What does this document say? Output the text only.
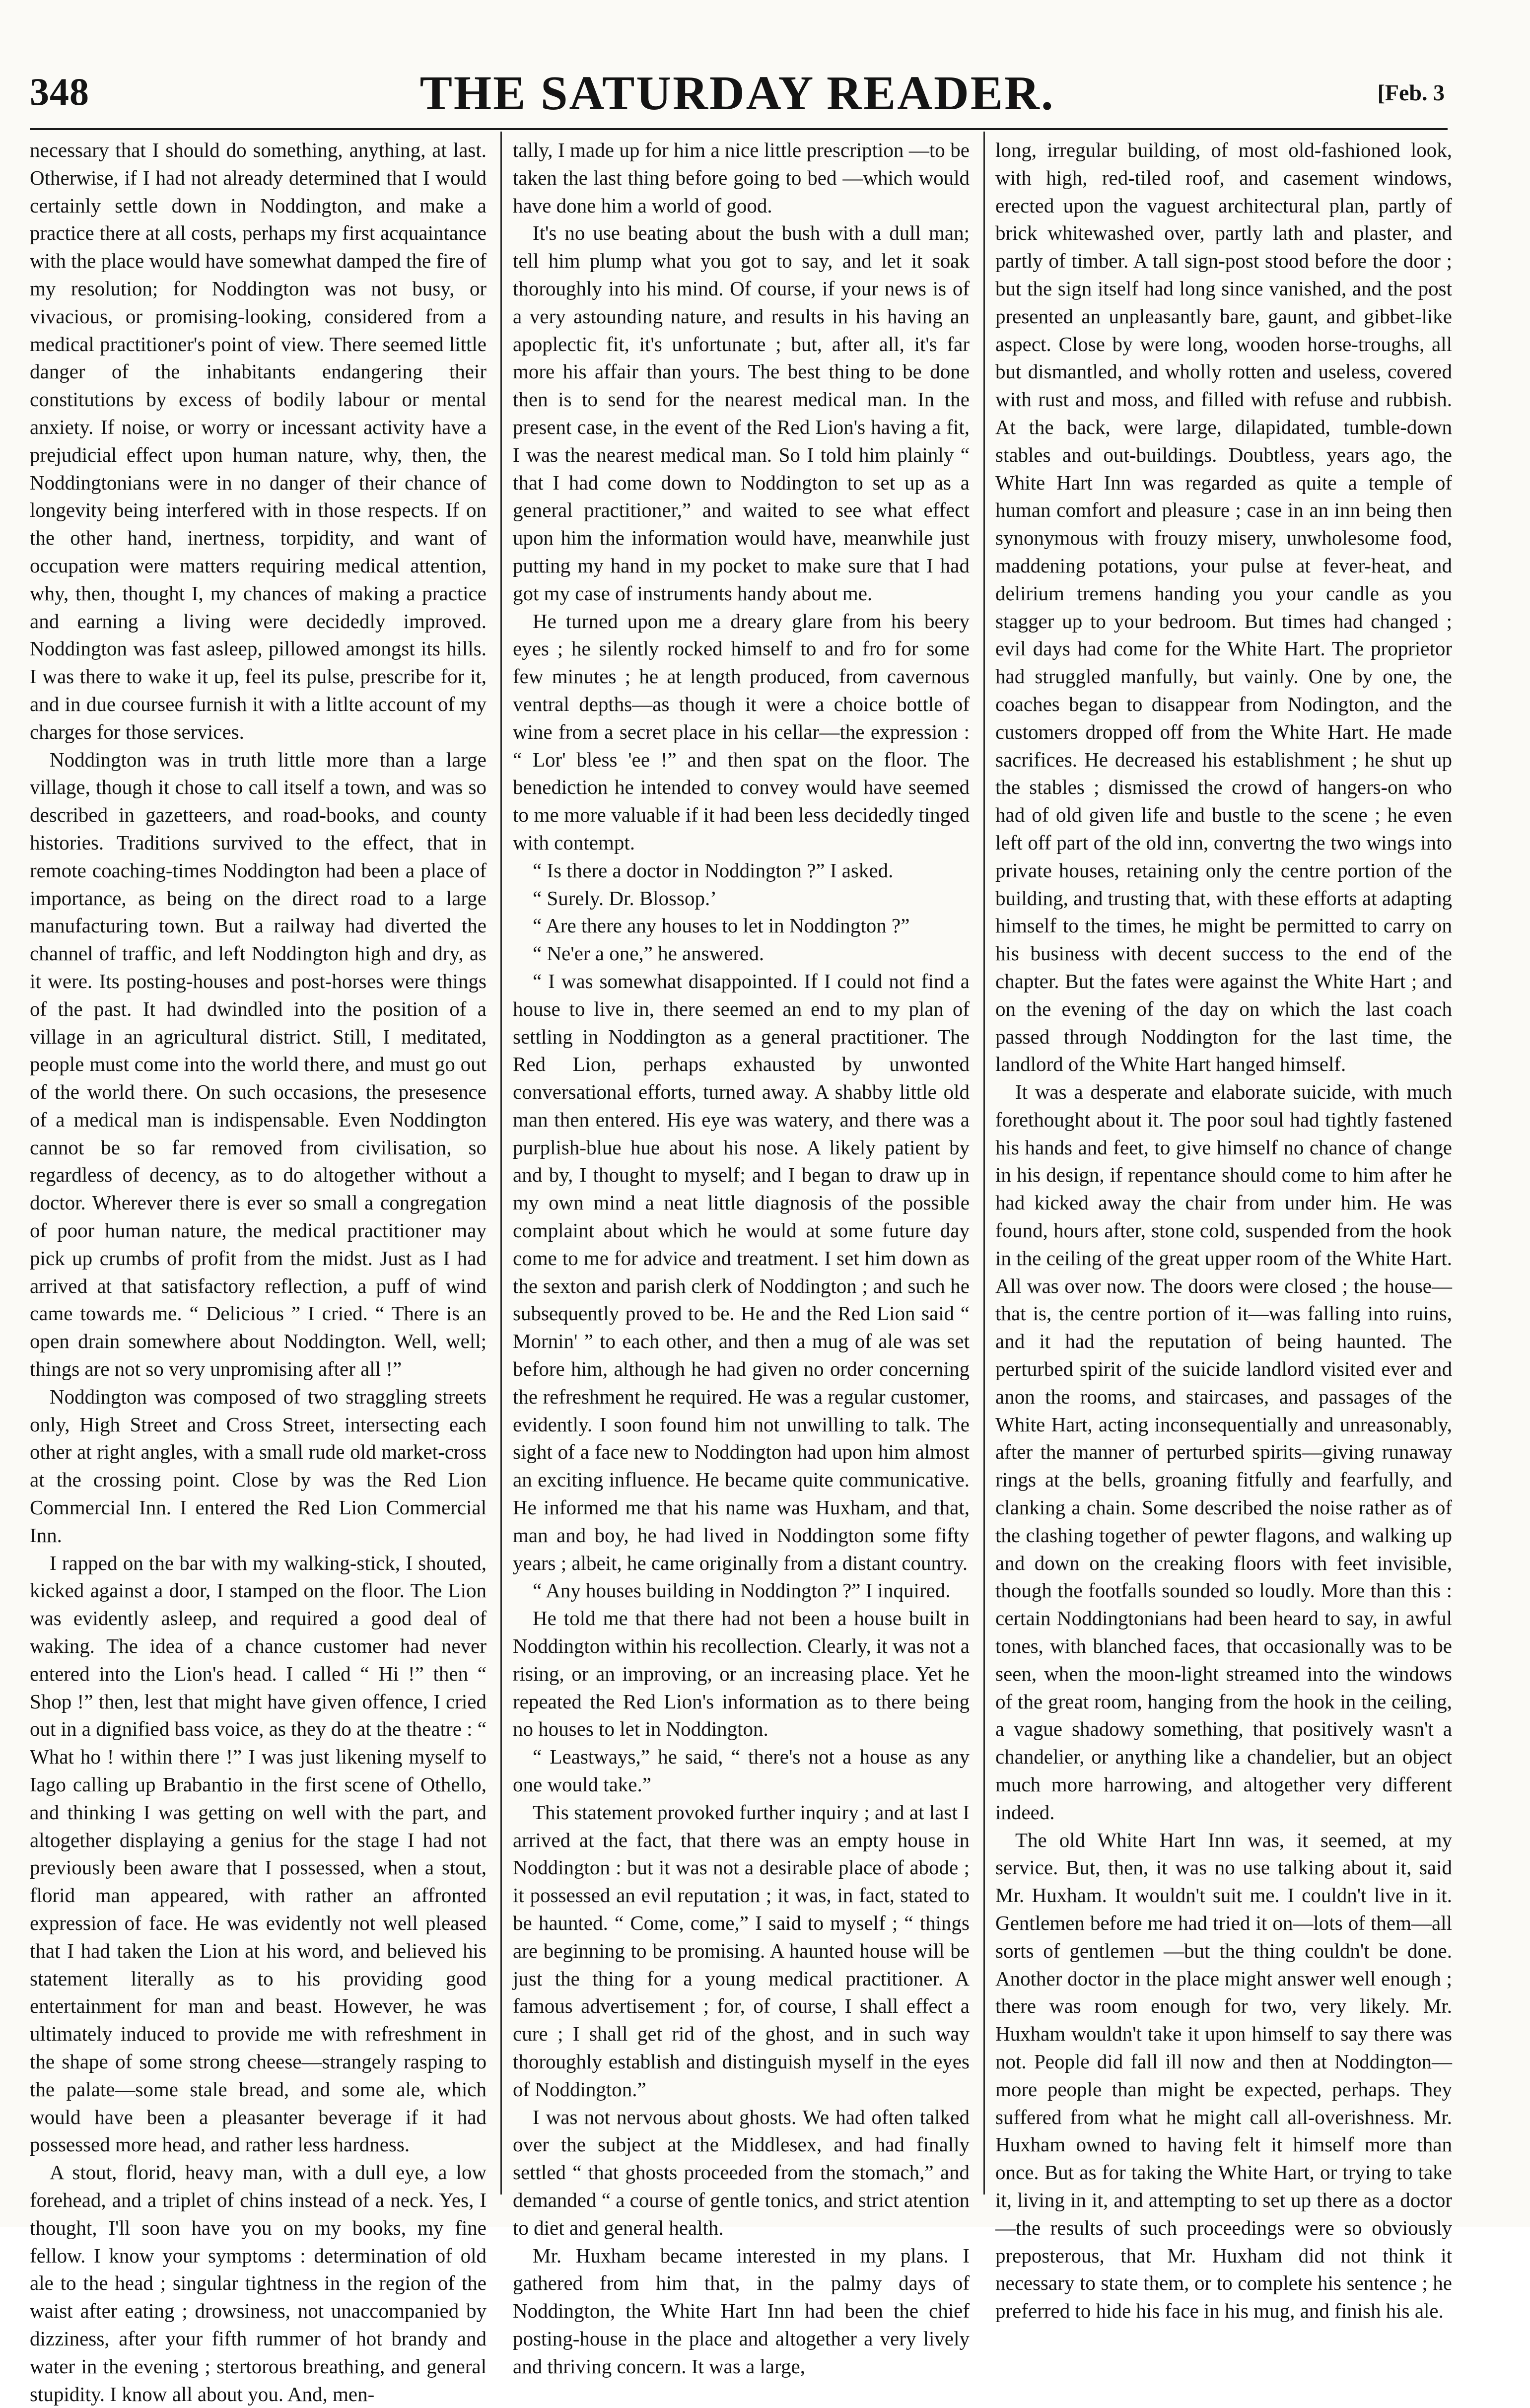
348	THE SATURDAY READER.	[Feb. 3

necessary that I should do something, anything, at last. Otherwise, if I had not already determined that I would certainly settle down in Noddington, and make a practice there at all costs, perhaps my first acquaintance with the place would have somewhat damped the fire of my resolution; for Noddington was not busy, or vivacious, or promising-looking, considered from a medical practitioner's point of view. There seemed little danger of the inhabitants endangering their constitutions by excess of bodily labour or mental anxiety. If noise, or worry or incessant activity have a prejudicial effect upon human nature, why, then, the Noddingtonians were in no danger of their chance of longevity being interfered with in those respects. If on the other hand, inertness, torpidity, and want of occupation were matters requiring medical attention, why, then, thought I, my chances of making a practice and earning a living were decidedly improved. Noddington was fast asleep, pillowed amongst its hills. I was there to wake it up, feel its pulse, prescribe for it, and in due coursee furnish it with a litlte account of my charges for those services.

Noddington was in truth little more than a large village, though it chose to call itself a town, and was so described in gazetteers, and road-books, and county histories. Traditions survived to the effect, that in remote coaching-times Noddington had been a place of importance, as being on the direct road to a large manufacturing town. But a railway had diverted the channel of traffic, and left Noddington high and dry, as it were. Its posting-houses and post-horses were things of the past. It had dwindled into the position of a village in an agricultural district. Still, I meditated, people must come into the world there, and must go out of the world there. On such occasions, the presesence of a medical man is indispensable. Even Noddington cannot be so far removed from civilisation, so regardless of decency, as to do altogether without a doctor. Wherever there is ever so small a congregation of poor human nature, the medical practitioner may pick up crumbs of profit from the midst. Just as I had arrived at that satisfactory reflection, a puff of wind came towards me. “ Delicious ” I cried. “ There is an open drain somewhere about Noddington. Well, well; things are not so very unpromising after all !”

Noddington was composed of two straggling streets only, High Street and Cross Street, intersecting each other at right angles, with a small rude old market-cross at the crossing point. Close by was the Red Lion Commercial Inn. I entered the Red Lion Commercial Inn.

I rapped on the bar with my walking-stick, I shouted, kicked against a door, I stamped on the floor. The Lion was evidently asleep, and required a good deal of waking. The idea of a chance customer had never entered into the Lion's head. I called “ Hi !” then “ Shop !” then, lest that might have given offence, I cried out in a dignified bass voice, as they do at the theatre : “ What ho ! within there !” I was just likening myself to Iago calling up Brabantio in the first scene of Othello, and thinking I was getting on well with the part, and altogether displaying a genius for the stage I had not previously been aware that I possessed, when a stout, florid man appeared, with rather an affronted expression of face. He was evidently not well pleased that I had taken the Lion at his word, and believed his statement literally as to his providing good entertainment for man and beast. However, he was ultimately induced to provide me with refreshment in the shape of some strong cheese—strangely rasping to the palate—some stale bread, and some ale, which would have been a pleasanter beverage if it had possessed more head, and rather less hardness.

A stout, florid, heavy man, with a dull eye, a low forehead, and a triplet of chins instead of a neck. Yes, I thought, I'll soon have you on my books, my fine fellow. I know your symptoms : determination of old ale to the head ; singular tightness in the region of the waist after eating ; drowsiness, not unaccompanied by dizziness, after your fifth rummer of hot brandy and water in the evening ; stertorous breathing, and general stupidity. I know all about you. And, men-

tally, I made up for him a nice little prescription —to be taken the last thing before going to bed —which would have done him a world of good.

It's no use beating about the bush with a dull man; tell him plump what you got to say, and let it soak thoroughly into his mind. Of course, if your news is of a very astounding nature, and results in his having an apoplectic fit, it's unfortunate ; but, after all, it's far more his affair than yours. The best thing to be done then is to send for the nearest medical man. In the present case, in the event of the Red Lion's having a fit, I was the nearest medical man. So I told him plainly “ that I had come down to Noddington to set up as a general practitioner,” and waited to see what effect upon him the information would have, meanwhile just putting my hand in my pocket to make sure that I had got my case of instruments handy about me.

He turned upon me a dreary glare from his beery eyes ; he silently rocked himself to and fro for some few minutes ; he at length produced, from cavernous ventral depths—as though it were a choice bottle of wine from a secret place in his cellar—the expression : “ Lor' bless 'ee !” and then spat on the floor. The benediction he intended to convey would have seemed to me more valuable if it had been less decidedly tinged with contempt.

“ Is there a doctor in Noddington ?” I asked.

“ Surely. Dr. Blossop.’

“ Are there any houses to let in Noddington ?”

“ Ne'er a one,” he answered.

“ I was somewhat disappointed. If I could not find a house to live in, there seemed an end to my plan of settling in Noddington as a general practitioner. The Red Lion, perhaps exhausted by unwonted conversational efforts, turned away. A shabby little old man then entered. His eye was watery, and there was a purplish-blue hue about his nose. A likely patient by and by, I thought to myself; and I began to draw up in my own mind a neat little diagnosis of the possible complaint about which he would at some future day come to me for advice and treatment. I set him down as the sexton and parish clerk of Noddington ; and such he subsequently proved to be. He and the Red Lion said “ Mornin' ” to each other, and then a mug of ale was set before him, although he had given no order concerning the refreshment he required. He was a regular customer, evidently. I soon found him not unwilling to talk. The sight of a face new to Noddington had upon him almost an exciting influence. He became quite communicative. He informed me that his name was Huxham, and that, man and boy, he had lived in Noddington some fifty years ; albeit, he came originally from a distant country.

“ Any houses building in Noddington ?” I inquired.

He told me that there had not been a house built in Noddington within his recollection. Clearly, it was not a rising, or an improving, or an increasing place. Yet he repeated the Red Lion's information as to there being no houses to let in Noddington.

“ Leastways,” he said, “ there's not a house as any one would take.”

This statement provoked further inquiry ; and at last I arrived at the fact, that there was an empty house in Noddington : but it was not a desirable place of abode ; it possessed an evil reputation ; it was, in fact, stated to be haunted. “ Come, come,” I said to myself ; “ things are beginning to be promising. A haunted house will be just the thing for a young medical practitioner. A famous advertisement ; for, of course, I shall effect a cure ; I shall get rid of the ghost, and in such way thoroughly establish and distinguish myself in the eyes of Noddington.”

I was not nervous about ghosts. We had often talked over the subject at the Middlesex, and had finally settled “ that ghosts proceeded from the stomach,” and demanded “ a course of gentle tonics, and strict atention to diet and general health.

Mr. Huxham became interested in my plans. I gathered from him that, in the palmy days of Noddington, the White Hart Inn had been the chief posting-house in the place and altogether a very lively and thriving concern. It was a large,

long, irregular building, of most old-fashioned look, with high, red-tiled roof, and casement windows, erected upon the vaguest architectural plan, partly of brick whitewashed over, partly lath and plaster, and partly of timber. A tall sign-post stood before the door ; but the sign itself had long since vanished, and the post presented an unpleasantly bare, gaunt, and gibbet-like aspect. Close by were long, wooden horse-troughs, all but dismantled, and wholly rotten and useless, covered with rust and moss, and filled with refuse and rubbish. At the back, were large, dilapidated, tumble-down stables and out-buildings. Doubtless, years ago, the White Hart Inn was regarded as quite a temple of human comfort and pleasure ; case in an inn being then synonymous with frouzy misery, unwholesome food, maddening potations, your pulse at fever-heat, and delirium tremens handing you your candle as you stagger up to your bedroom. But times had changed ; evil days had come for the White Hart. The proprietor had struggled manfully, but vainly. One by one, the coaches began to disappear from Nodington, and the customers dropped off from the White Hart. He made sacrifices. He decreased his establishment ; he shut up the stables ; dismissed the crowd of hangers-on who had of old given life and bustle to the scene ; he even left off part of the old inn, convertng the two wings into private houses, retaining only the centre portion of the building, and trusting that, with these efforts at adapting himself to the times, he might be permitted to carry on his business with decent success to the end of the chapter. But the fates were against the White Hart ; and on the evening of the day on which the last coach passed through Noddington for the last time, the landlord of the White Hart hanged himself.

It was a desperate and elaborate suicide, with much forethought about it. The poor soul had tightly fastened his hands and feet, to give himself no chance of change in his design, if repentance should come to him after he had kicked away the chair from under him. He was found, hours after, stone cold, suspended from the hook in the ceiling of the great upper room of the White Hart. All was over now. The doors were closed ; the house—that is, the centre portion of it—was falling into ruins, and it had the reputation of being haunted. The perturbed spirit of the suicide landlord visited ever and anon the rooms, and staircases, and passages of the White Hart, acting inconsequentially and unreasonably, after the manner of perturbed spirits—giving runaway rings at the bells, groaning fitfully and fearfully, and clanking a chain. Some described the noise rather as of the clashing together of pewter flagons, and walking up and down on the creaking floors with feet invisible, though the footfalls sounded so loudly. More than this : certain Noddingtonians had been heard to say, in awful tones, with blanched faces, that occasionally was to be seen, when the moon-light streamed into the windows of the great room, hanging from the hook in the ceiling, a vague shadowy something, that positively wasn't a chandelier, or anything like a chandelier, but an object much more harrowing, and altogether very different indeed.

The old White Hart Inn was, it seemed, at my service. But, then, it was no use talking about it, said Mr. Huxham. It wouldn't suit me. I couldn't live in it. Gentlemen before me had tried it on—lots of them—all sorts of gentlemen —but the thing couldn't be done. Another doctor in the place might answer well enough ; there was room enough for two, very likely. Mr. Huxham wouldn't take it upon himself to say there was not. People did fall ill now and then at Noddington—more people than might be expected, perhaps. They suffered from what he might call all-overishness. Mr. Huxham owned to having felt it himself more than once. But as for taking the White Hart, or trying to take it, living in it, and attempting to set up there as a doctor—the results of such proceedings were so obviously preposterous, that Mr. Huxham did not think it necessary to state them, or to complete his sentence ; he preferred to hide his face in his mug, and finish his ale.
